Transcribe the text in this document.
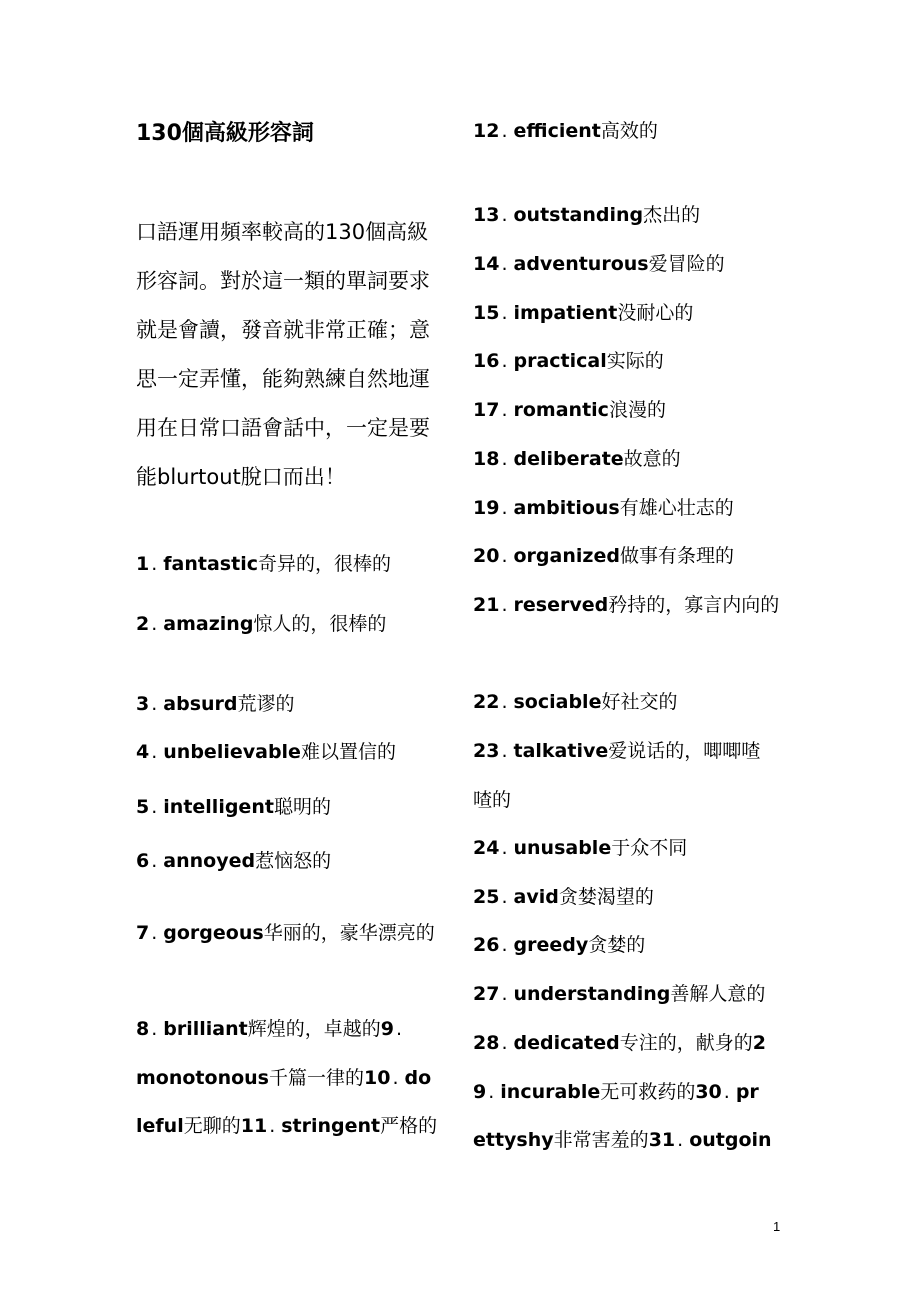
130個高級形容詞
口語運用頻率較高的130個高級形容詞。對於這一類的單詞要求就是會讀，發音就非常正確；意思一定弄懂，能夠熟練自然地運用在日常口語會話中，一定是要能blurtout脫口而出！
1 . fantastic奇异的，很棒的
2 . amazing惊人的，很棒的
3 . absurd荒谬的
4 . unbelievable难以置信的
5 . intelligent聪明的
6 . annoyed惹恼怒的
7 . gorgeous华丽的，豪华漂亮的
8 . brilliant辉煌的，卓越的9 .
monotonous千篇一律的10 . do
leful无聊的11 . stringent严格的
12 . efficient高效的
13 . outstanding杰出的
14 . adventurous爱冒险的
15 . impatient没耐心的
16 . practical实际的
17 . romantic浪漫的
18 . deliberate故意的
19 . ambitious有雄心壮志的
20 . organized做事有条理的
21 . reserved矜持的，寡言内向的
22 . sociable好社交的
23 . talkative爱说话的，唧唧喳喳的
24 . unusable于众不同
25 . avid贪婪渴望的
26 . greedy贪婪的
27 . understanding善解人意的
28 . dedicated专注的，献身的2
9 . incurable无可救药的30 . pr
ettyshy非常害羞的31 . outgoin
1
